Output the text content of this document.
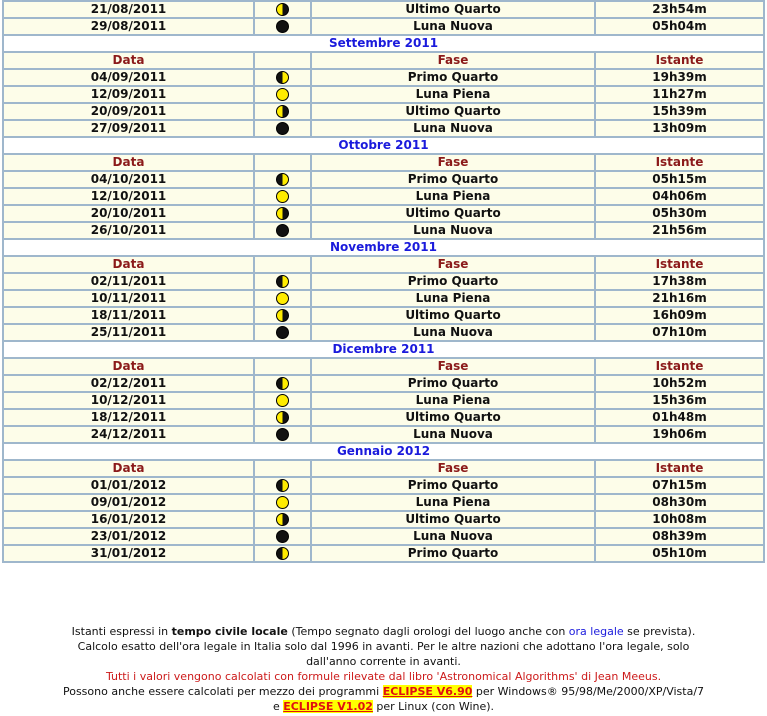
21/08/2011		Ultimo Quarto	23h54m
29/08/2011		Luna Nuova	05h04m
Settembre 2011			
Data		Fase	Istante
04/09/2011		Primo Quarto	19h39m
12/09/2011		Luna Piena	11h27m
20/09/2011		Ultimo Quarto	15h39m
27/09/2011		Luna Nuova	13h09m
Ottobre 2011			
Data		Fase	Istante
04/10/2011		Primo Quarto	05h15m
12/10/2011		Luna Piena	04h06m
20/10/2011		Ultimo Quarto	05h30m
26/10/2011		Luna Nuova	21h56m
Novembre 2011			
Data		Fase	Istante
02/11/2011		Primo Quarto	17h38m
10/11/2011		Luna Piena	21h16m
18/11/2011		Ultimo Quarto	16h09m
25/11/2011		Luna Nuova	07h10m
Dicembre 2011			
Data		Fase	Istante
02/12/2011		Primo Quarto	10h52m
10/12/2011		Luna Piena	15h36m
18/12/2011		Ultimo Quarto	01h48m
24/12/2011		Luna Nuova	19h06m
Gennaio 2012			
Data		Fase	Istante
01/01/2012		Primo Quarto	07h15m
09/01/2012		Luna Piena	08h30m
16/01/2012		Ultimo Quarto	10h08m
23/01/2012		Luna Nuova	08h39m
31/01/2012		Primo Quarto	05h10m
Istanti espressi in tempo civile locale (Tempo segnato dagli orologi del luogo anche con ora legale se prevista).
Calcolo esatto dell'ora legale in Italia solo dal 1996 in avanti. Per le altre nazioni che adottano l'ora legale, solo
dall'anno corrente in avanti.
Tutti i valori vengono calcolati con formule rilevate dal libro 'Astronomical Algorithms' di Jean Meeus.
Possono anche essere calcolati per mezzo dei programmi ECLIPSE V6.90 per Windows® 95/98/Me/2000/XP/Vista/7
e ECLIPSE V1.02 per Linux (con Wine).
